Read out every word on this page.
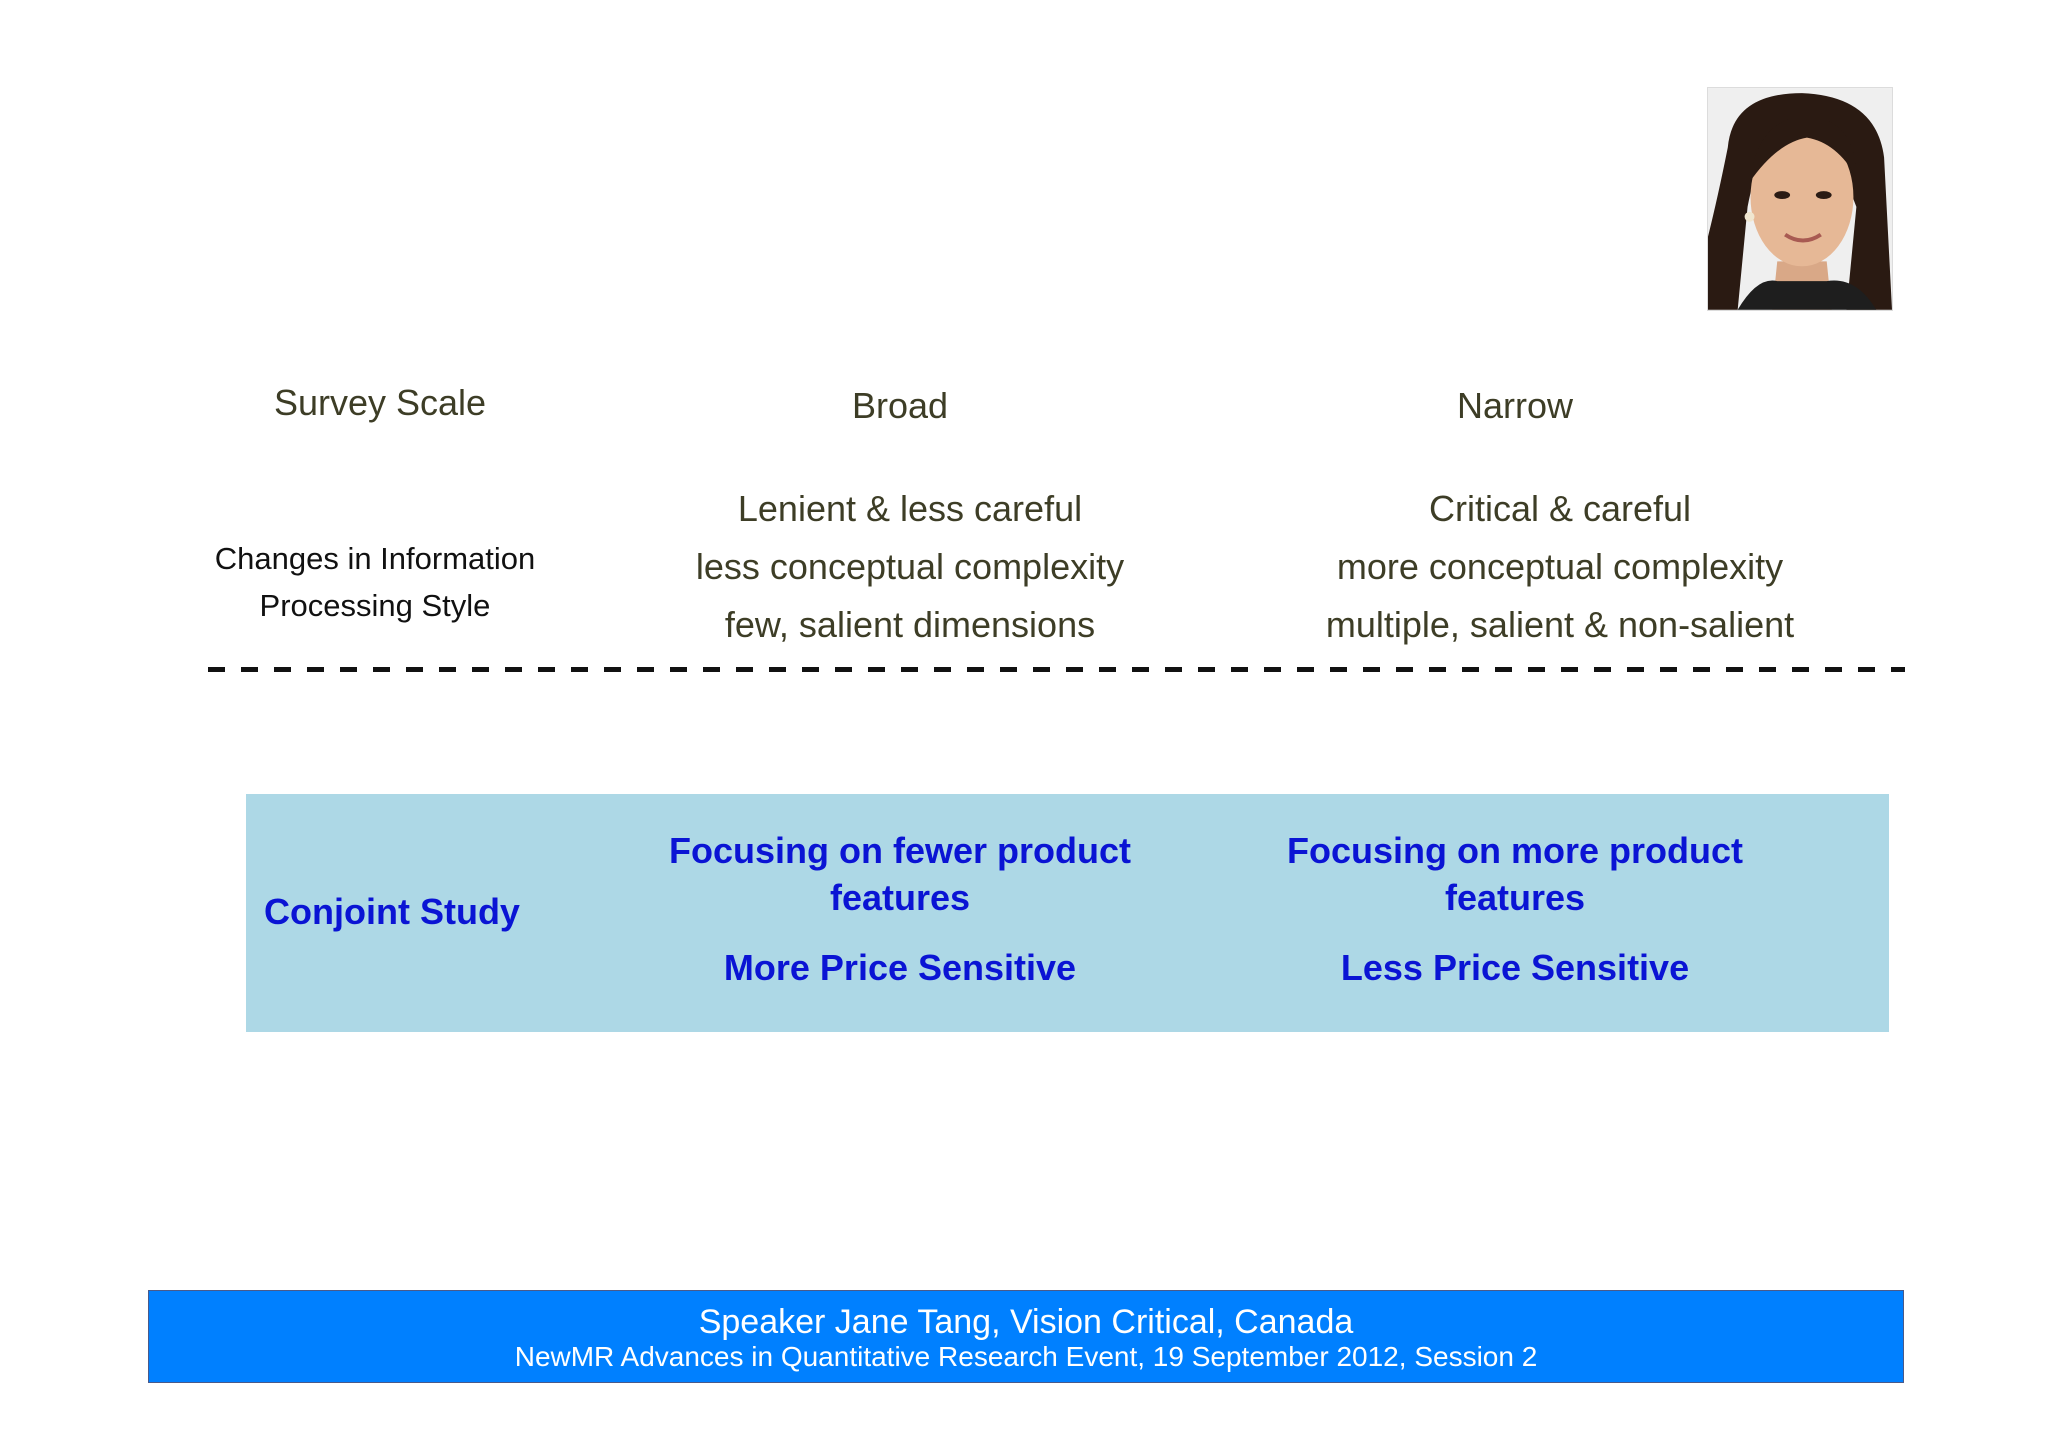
Survey Scale	Broad	Narrow
Changes in Information
Processing Style
Lenient & less careful
less conceptual complexity
few, salient dimensions
Critical & careful
more conceptual complexity
multiple, salient & non-salient
Conjoint Study
Focusing on fewer product features
More Price Sensitive
Focusing on more product features
Less Price Sensitive
Speaker Jane Tang, Vision Critical, Canada
NewMR Advances in Quantitative Research Event, 19 September 2012, Session 2
